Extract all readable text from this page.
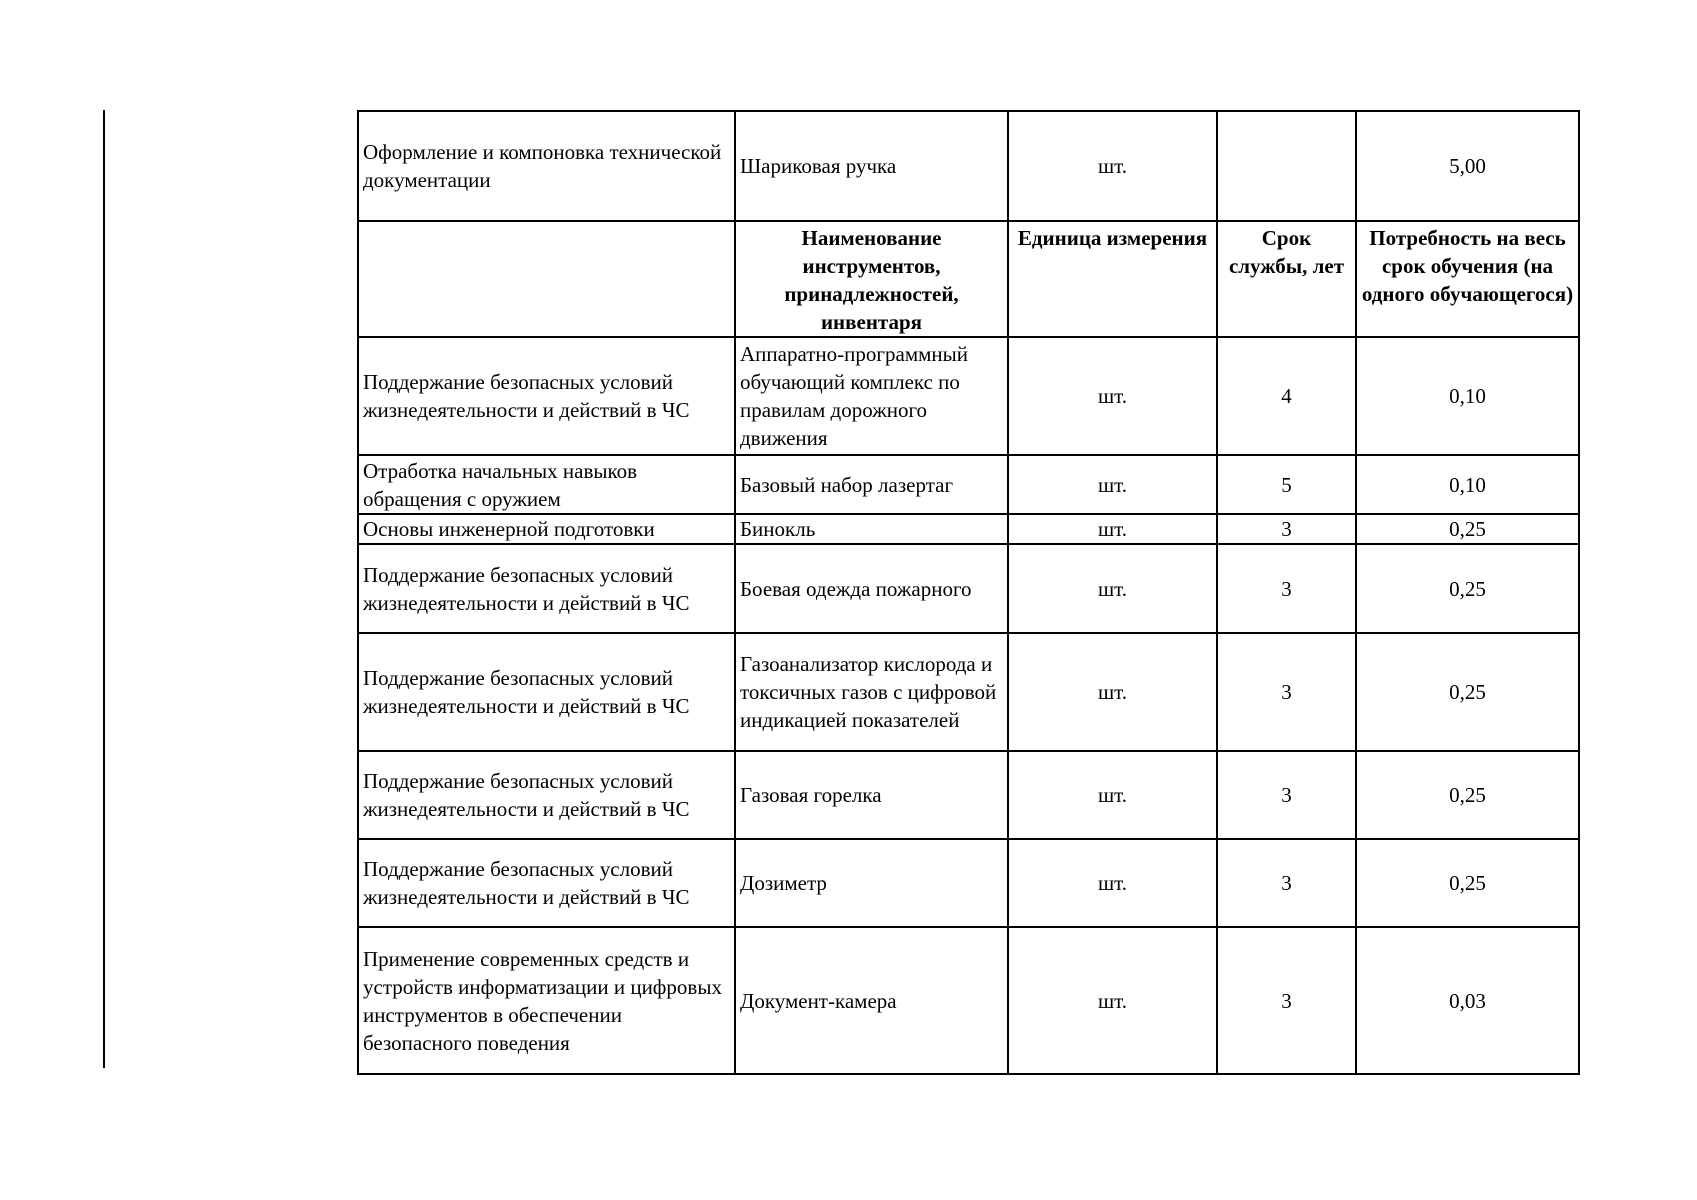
Оформление и компоновка технической документации	Шариковая ручка	шт.		5,00
	Наименование инструментов, принадлежностей, инвентаря	Единица измерения	Срок службы, лет	Потребность на весь срок обучения (на одного обучающегося)
Поддержание безопасных условий жизнедеятельности и действий в ЧС	Аппаратно-программный обучающий комплекс по правилам дорожного движения	шт.	4	0,10
Отработка начальных навыков обращения с оружием	Базовый набор лазертаг	шт.	5	0,10
Основы инженерной подготовки	Бинокль	шт.	3	0,25
Поддержание безопасных условий жизнедеятельности и действий в ЧС	Боевая одежда пожарного	шт.	3	0,25
Поддержание безопасных условий жизнедеятельности и действий в ЧС	Газоанализатор кислорода и токсичных газов с цифровой индикацией показателей	шт.	3	0,25
Поддержание безопасных условий жизнедеятельности и действий в ЧС	Газовая горелка	шт.	3	0,25
Поддержание безопасных условий жизнедеятельности и действий в ЧС	Дозиметр	шт.	3	0,25
Применение современных средств и устройств информатизации и цифровых инструментов в обеспечении безопасного поведения	Документ-камера	шт.	3	0,03
